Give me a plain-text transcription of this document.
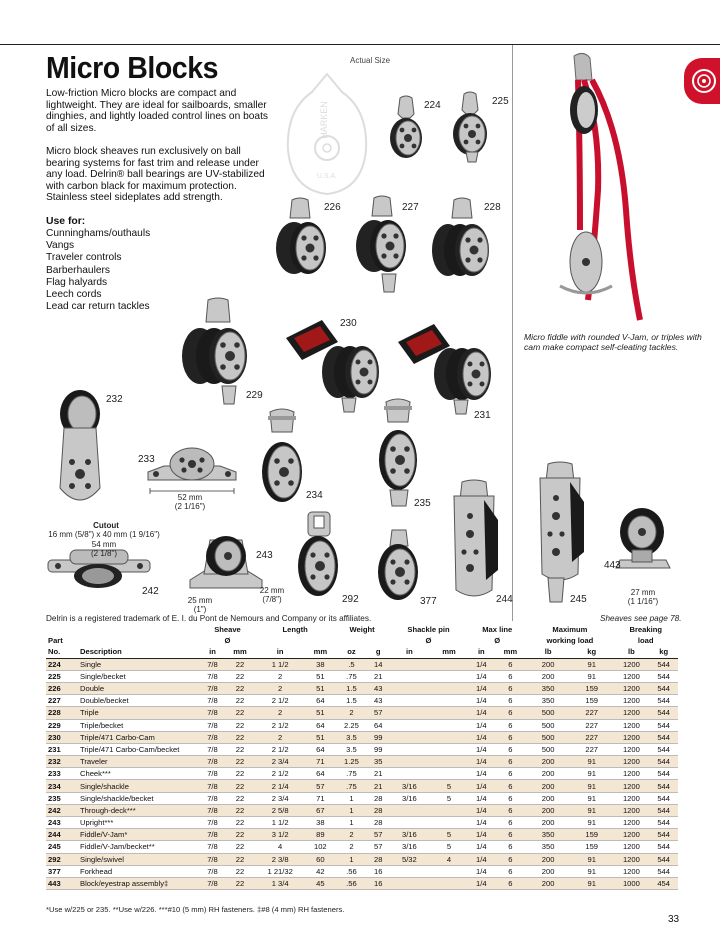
Micro Blocks	Actual Size
Low-friction Micro blocks are compact and lightweight. They are ideal for sailboards, smaller dinghies, and lightly loaded control lines on boats of all sizes.
Micro block sheaves run exclusively on ball bearing systems for fast trim and release under any load. Delrin® ball bearings are UV-stabilized with carbon black for maximum protection. Stainless steel sideplates add strength.
Use for:
Cunninghams/outhauls
Vangs
Traveler controls
Barberhaulers
Flag halyards
Leech cords
Lead car return tackles
HARKEN
U.S.A.
224	225
226	227	228
229
230
231
232
233
52 mm
(2 1/16")
234
235
Cutout
16 mm (5/8") x 40 mm (1 9/16")
54 mm
(2 1/8")
242
243
22 mm
(7/8")
25 mm
(1")
292	377	244	245
443
27 mm
(1 1/16")
Micro fiddle with rounded V-Jam, or triples with cam make compact self-cleating tackles.
Delrin is a registered trademark of E. I. du Pont de Nemours and Company or its affiliates.	Sheaves see page 78.
		Sheave		Length		Weight		Shackle pin		Max line		Maximum		Breaking	
Part		Ø						Ø		Ø		working load		load	
No.	Description	in	mm	in	mm	oz	g	in	mm	in	mm	lb	kg	lb	kg
224	Single	7/8	22	1 1/2	38	.5	14			1/4	6	200	91	1200	544
225	Single/becket	7/8	22	2	51	.75	21			1/4	6	200	91	1200	544
226	Double	7/8	22	2	51	1.5	43			1/4	6	350	159	1200	544
227	Double/becket	7/8	22	2 1/2	64	1.5	43			1/4	6	350	159	1200	544
228	Triple	7/8	22	2	51	2	57			1/4	6	500	227	1200	544
229	Triple/becket	7/8	22	2 1/2	64	2.25	64			1/4	6	500	227	1200	544
230	Triple/471 Carbo-Cam	7/8	22	2	51	3.5	99			1/4	6	500	227	1200	544
231	Triple/471 Carbo-Cam/becket	7/8	22	2 1/2	64	3.5	99			1/4	6	500	227	1200	544
232	Traveler	7/8	22	2 3/4	71	1.25	35			1/4	6	200	91	1200	544
233	Cheek***	7/8	22	2 1/2	64	.75	21			1/4	6	200	91	1200	544
234	Single/shackle	7/8	22	2 1/4	57	.75	21	3/16	5	1/4	6	200	91	1200	544
235	Single/shackle/becket	7/8	22	2 3/4	71	1	28	3/16	5	1/4	6	200	91	1200	544
242	Through-deck***	7/8	22	2 5/8	67	1	28			1/4	6	200	91	1200	544
243	Upright***	7/8	22	1 1/2	38	1	28			1/4	6	200	91	1200	544
244	Fiddle/V-Jam*	7/8	22	3 1/2	89	2	57	3/16	5	1/4	6	350	159	1200	544
245	Fiddle/V-Jam/becket**	7/8	22	4	102	2	57	3/16	5	1/4	6	350	159	1200	544
292	Single/swivel	7/8	22	2 3/8	60	1	28	5/32	4	1/4	6	200	91	1200	544
377	Forkhead	7/8	22	1 21/32	42	.56	16			1/4	6	200	91	1200	544
443	Block/eyestrap assembly‡	7/8	22	1 3/4	45	.56	16			1/4	6	200	91	1000	454
*Use w/225 or 235. **Use w/226. ***#10 (5 mm) RH fasteners. ‡#8 (4 mm) RH fasteners.
33
